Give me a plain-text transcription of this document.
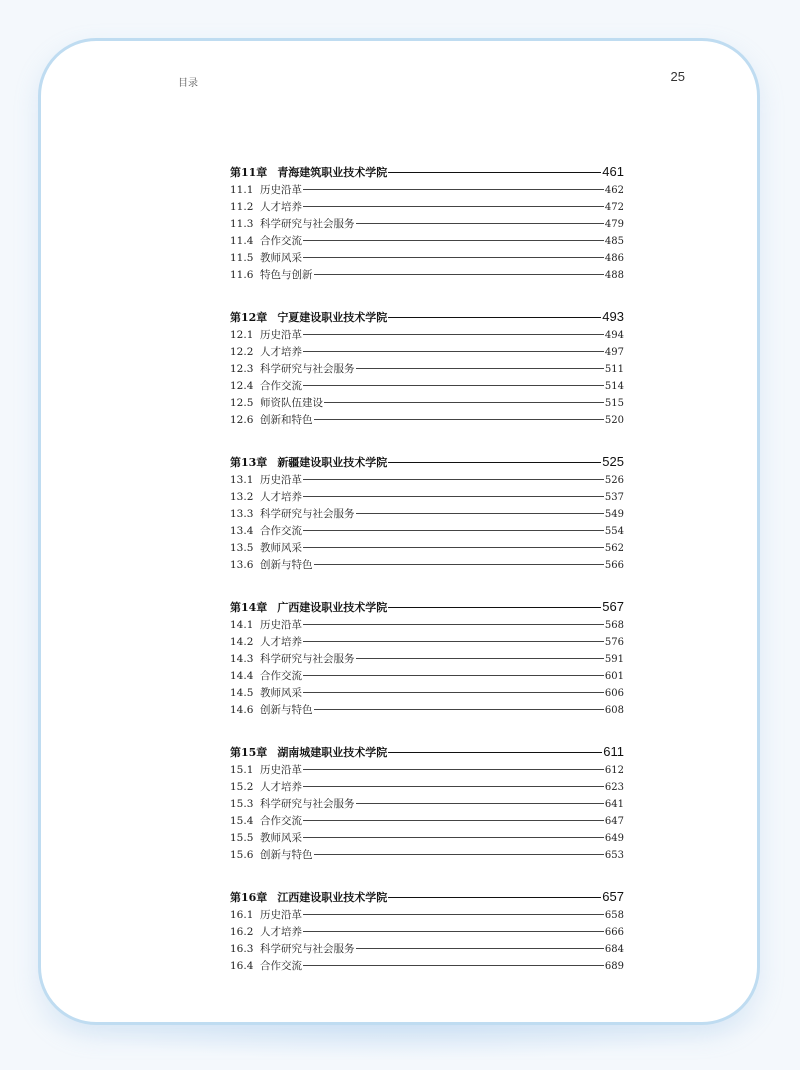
目录	25
第11章 青海建筑职业技术学院	461
11.1 历史沿革	462
11.2 人才培养	472
11.3 科学研究与社会服务	479
11.4 合作交流	485
11.5 教师风采	486
11.6 特色与创新	488
第12章 宁夏建设职业技术学院	493
12.1 历史沿革	494
12.2 人才培养	497
12.3 科学研究与社会服务	511
12.4 合作交流	514
12.5 师资队伍建设	515
12.6 创新和特色	520
第13章 新疆建设职业技术学院	525
13.1 历史沿革	526
13.2 人才培养	537
13.3 科学研究与社会服务	549
13.4 合作交流	554
13.5 教师风采	562
13.6 创新与特色	566
第14章 广西建设职业技术学院	567
14.1 历史沿革	568
14.2 人才培养	576
14.3 科学研究与社会服务	591
14.4 合作交流	601
14.5 教师风采	606
14.6 创新与特色	608
第15章 湖南城建职业技术学院	611
15.1 历史沿革	612
15.2 人才培养	623
15.3 科学研究与社会服务	641
15.4 合作交流	647
15.5 教师风采	649
15.6 创新与特色	653
第16章 江西建设职业技术学院	657
16.1 历史沿革	658
16.2 人才培养	666
16.3 科学研究与社会服务	684
16.4 合作交流	689
